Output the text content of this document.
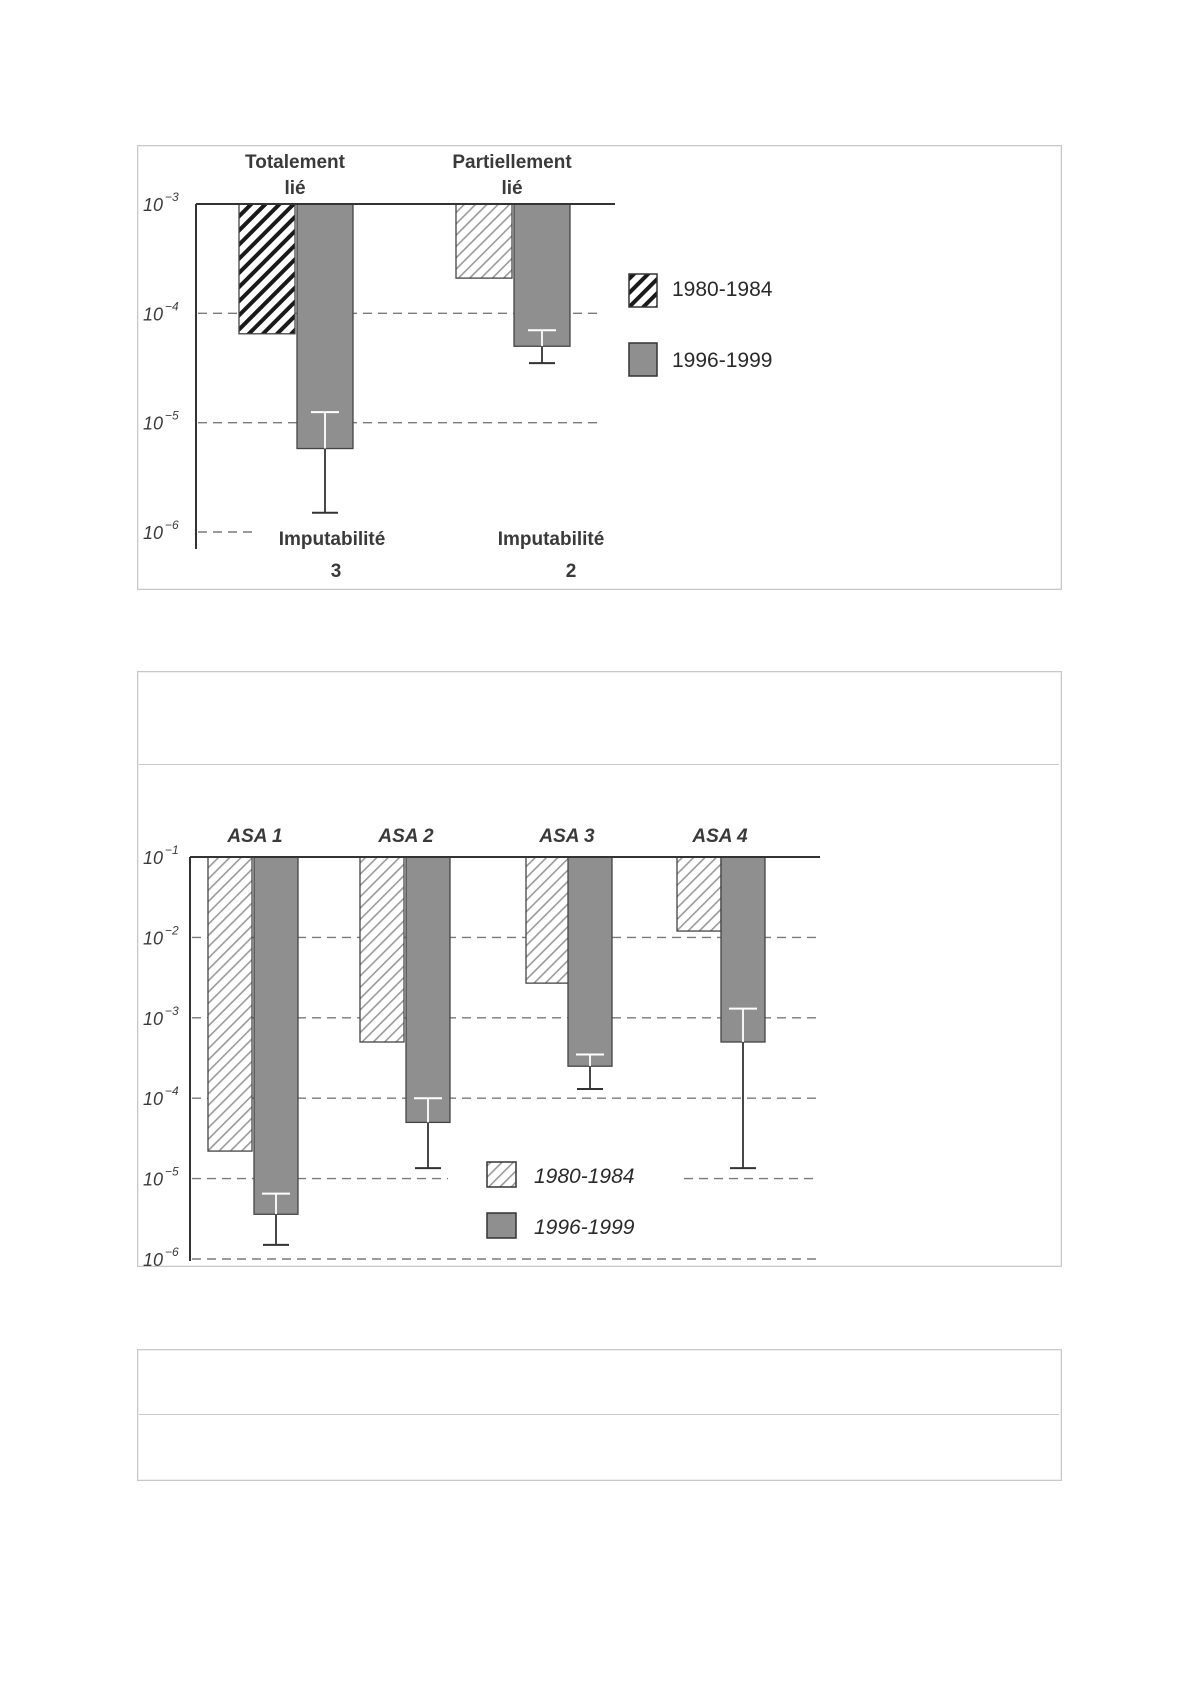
10 $^{-3}$
10 $^{-4}$
10 $^{-5}$
10 $^{-6}$
Totalement
lié
Partiellement
lié
Imputabilité
3
Imputabilité
2
1980-1984
1996-1999
10 $^{-1}$
10 $^{-2}$
10 $^{-3}$
10 $^{-4}$
10 $^{-5}$
10 $^{-6}$
ASA 1	ASA 2	ASA 3	ASA 4
1980-1984
1996-1999
